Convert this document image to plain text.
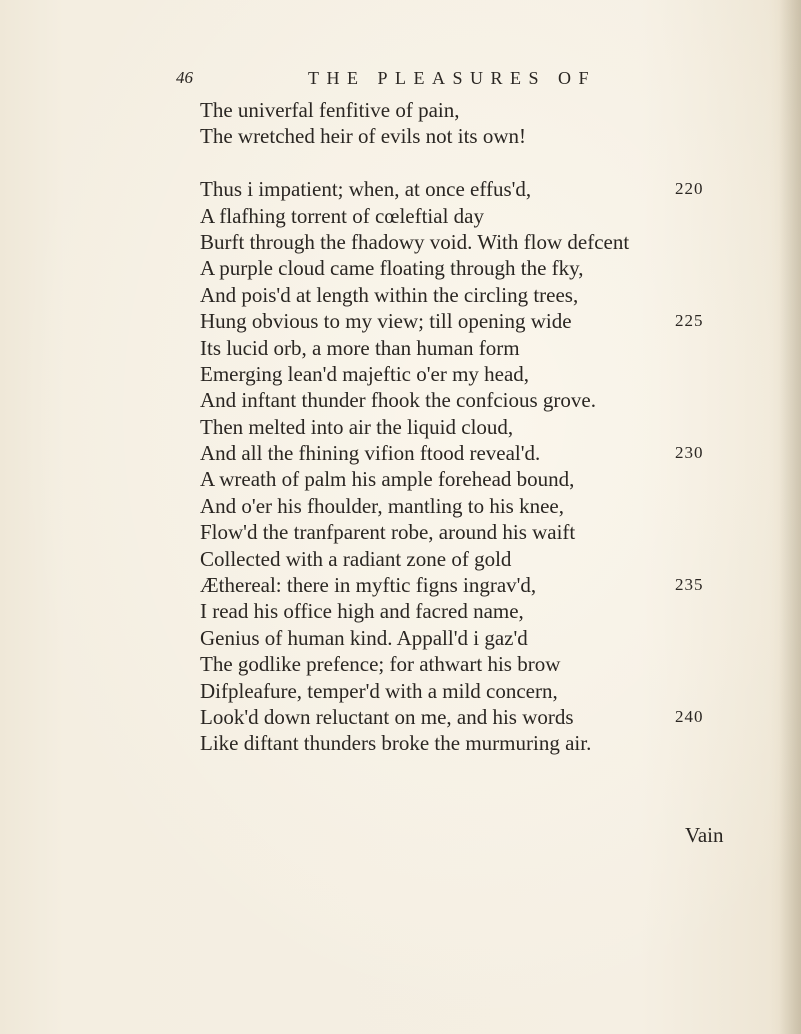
46	THE PLEASURES OF
The univerfal fenfitive of pain,
The wretched heir of evils not its own!
Thus i impatient; when, at once effus'd,	220
A flafhing torrent of cœleftial day
Burft through the fhadowy void. With flow defcent
A purple cloud came floating through the fky,
And pois'd at length within the circling trees,
Hung obvious to my view; till opening wide	225
Its lucid orb, a more than human form
Emerging lean'd majeftic o'er my head,
And inftant thunder fhook the confcious grove.
Then melted into air the liquid cloud,
And all the fhining vifion ftood reveal'd.	230
A wreath of palm his ample forehead bound,
And o'er his fhoulder, mantling to his knee,
Flow'd the tranfparent robe, around his waift
Collected with a radiant zone of gold
Æthereal: there in myftic figns ingrav'd,	235
I read his office high and facred name,
Genius of human kind. Appall'd i gaz'd
The godlike prefence; for athwart his brow
Difpleafure, temper'd with a mild concern,
Look'd down reluctant on me, and his words	240
Like diftant thunders broke the murmuring air.
Vain
